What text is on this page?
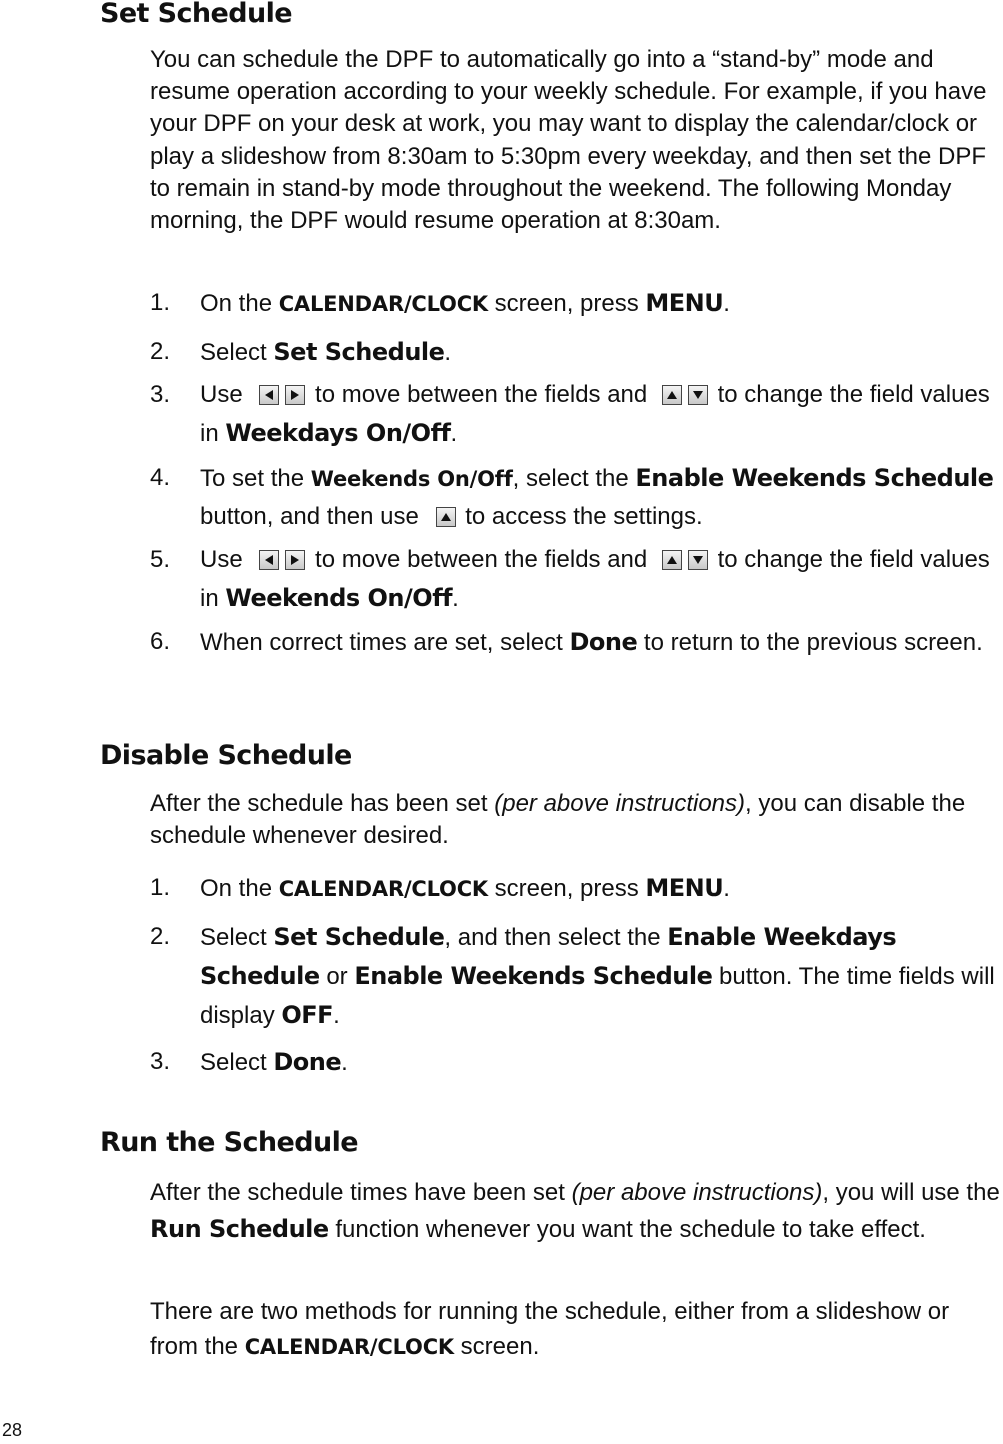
Set Schedule
You can schedule the DPF to automatically go into a “stand-by” mode and resume operation according to your weekly schedule. For example, if you have your DPF on your desk at work, you may want to display the calendar/clock or play a slideshow from 8:30am to 5:30pm every weekday, and then set the DPF to remain in stand-by mode throughout the weekend. The following Monday morning, the DPF would resume operation at 8:30am.
1. On the CALENDAR/CLOCK screen, press MENU.
2. Select Set Schedule.
3. Use	to move between the fields and	to change the field values in Weekdays On/Off.
4. To set the Weekends On/Off, select the Enable Weekends Schedule button, and then use to access the settings.
5. Use	to move between the fields and	to change the field values in Weekends On/Off.
6. When correct times are set, select Done to return to the previous screen.
Disable Schedule
After the schedule has been set (per above instructions), you can disable the schedule whenever desired.
1. On the CALENDAR/CLOCK screen, press MENU.
2. Select Set Schedule, and then select the Enable Weekdays Schedule or Enable Weekends Schedule button. The time fields will display OFF.
3. Select Done.
Run the Schedule
After the schedule times have been set (per above instructions), you will use the Run Schedule function whenever you want the schedule to take effect.
There are two methods for running the schedule, either from a slideshow or from the CALENDAR/CLOCK screen.
28
